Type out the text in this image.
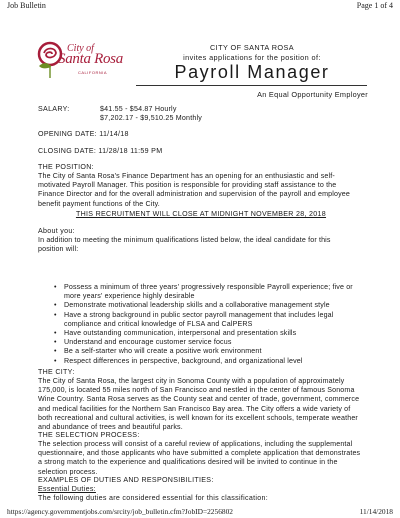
Job Bulletin	Page 1 of 4
City of
Santa Rosa
CALIFORNIA
CITY OF SANTA ROSA
invites applications for the position of:
Payroll Manager
An Equal Opportunity Employer
SALARY:	$41.55 - $54.87 Hourly
$7,202.17 - $9,510.25 Monthly
OPENING DATE: 11/14/18
CLOSING DATE: 11/28/18 11:59 PM
THE POSITION:
The City of Santa Rosa's Finance Department has an opening for an enthusiastic and self-motivated Payroll Manager. This position is responsible for providing staff assistance to the Finance Director and for the overall administration and supervision of the payroll and employee benefit payment functions of the City.
THIS RECRUITMENT WILL CLOSE AT MIDNIGHT NOVEMBER 28, 2018
About you:
In addition to meeting the minimum qualifications listed below, the ideal candidate for this position will:
• Possess a minimum of three years' progressively responsible Payroll experience; five or more years' experience highly desirable
• Demonstrate motivational leadership skills and a collaborative management style
• Have a strong background in public sector payroll management that includes legal compliance and critical knowledge of FLSA and CalPERS
• Have outstanding communication, interpersonal and presentation skills
• Understand and encourage customer service focus
• Be a self-starter who will create a positive work environment
• Respect differences in perspective, background, and organizational level
THE CITY:
The City of Santa Rosa, the largest city in Sonoma County with a population of approximately 175,000, is located 55 miles north of San Francisco and nestled in the center of famous Sonoma Wine Country. Santa Rosa serves as the County seat and center of trade, government, commerce and medical facilities for the Northern San Francisco Bay area. The City offers a wide variety of both recreational and cultural activities, is well known for its excellent schools, temperate weather and abundance of trees and beautiful parks.
THE SELECTION PROCESS:
The selection process will consist of a careful review of applications, including the supplemental questionnaire, and those applicants who have submitted a complete application that demonstrates a strong match to the experience and qualifications desired will be invited to continue in the selection process.
EXAMPLES OF DUTIES AND RESPONSIBILITIES:
Essential Duties:
The following duties are considered essential for this classification:
https://agency.governmentjobs.com/srcity/job_bulletin.cfm?JobID=2256802	11/14/2018
